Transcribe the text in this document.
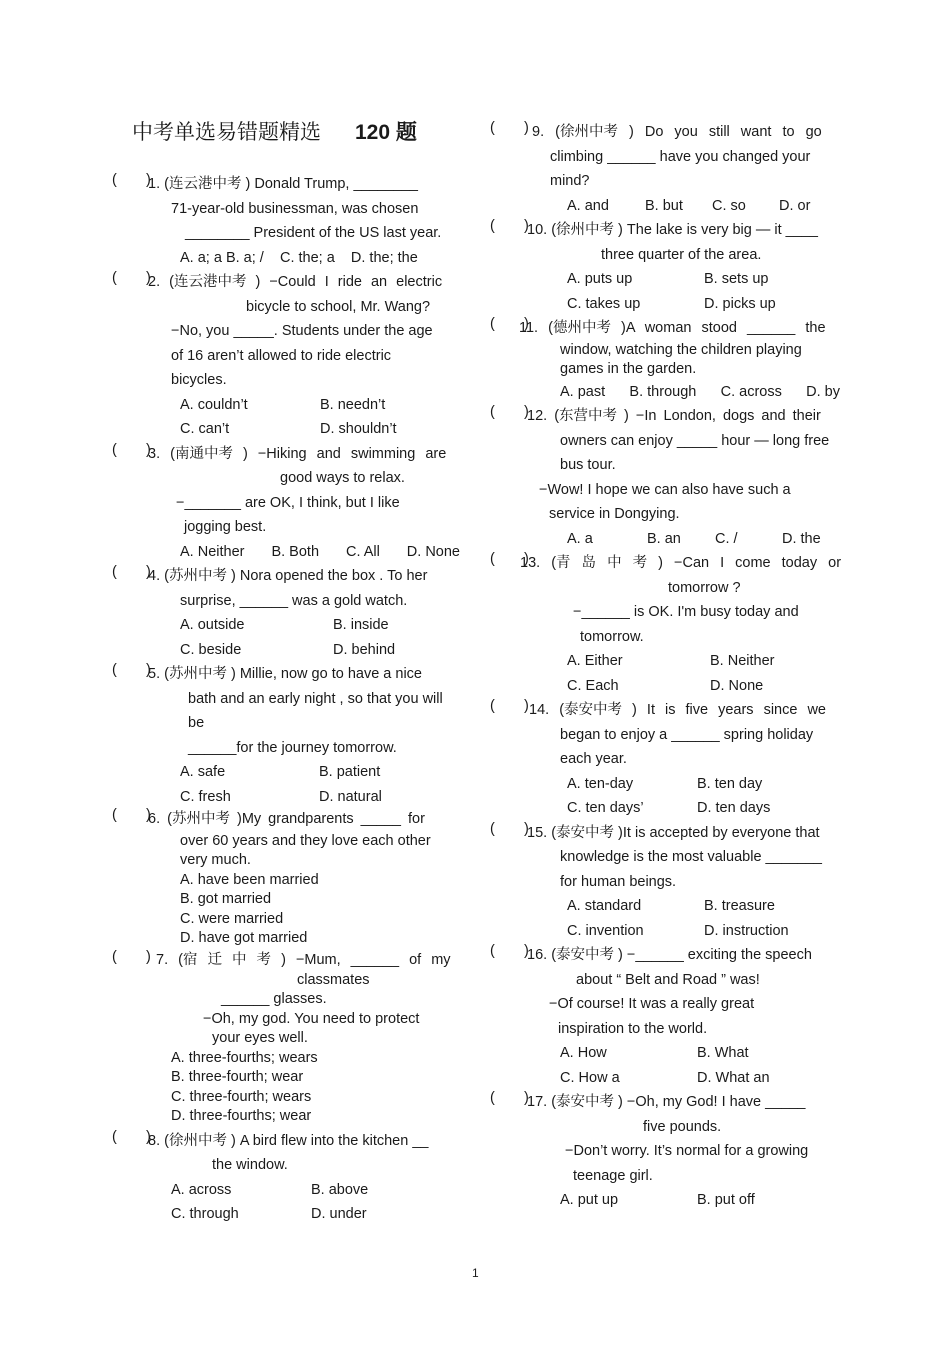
中考单选易错题精选 120 题
( ) 1. (连云港中考 ) Donald Trump, ________
71-year-old businessman, was chosen
________ President of the US last year.
A. a; a B. a; / C. the; a D. the; the
( ) 2. (连云港中考 ) −Could I ride an electric
bicycle to school, Mr. Wang?
−No, you _____. Students under the age
of 16 aren’t allowed to ride electric
bicycles.
A. couldn’t	B. needn’t
C. can’t	D. shouldn’t
( ) 3. (南通中考 ) −Hiking and swimming are
good ways to relax.
−_______ are OK, I think, but I like
jogging best.
A. Neither B. Both C. All D. None
( ) 4. (苏州中考 ) Nora opened the box . To her
surprise, ______ was a gold watch.
A. outside	B. inside
C. beside	D. behind
( ) 5. (苏州中考 ) Millie, now go to have a nice
bath and an early night , so that you will
be
______for the journey tomorrow.
A. safe	B. patient
C. fresh	D. natural
( ) 6. (苏州中考 )My grandparents _____ for
over 60 years and they love each other
very much.
A. have been married
B. got married
C. were married
D. have got married
( )	7. (宿 迁 中 考 ) −Mum, ______ of my
classmates
______ glasses.
−Oh, my god. You need to protect
your eyes well.
A. three-fourths; wears
B. three-fourth; wear
C. three-fourth; wears
D. three-fourths; wear
( ) 8. (徐州中考 ) A bird flew into the kitchen __
the window.
A. across	B. above
C. through	D. under
( )	9. (徐州中考 ) Do you still want to go
climbing ______ have you changed your
mind?
A. and	B. but	C. so	D. or
( ) 10. (徐州中考 ) The lake is very big — it ____
three quarter of the area.
A. puts up	B. sets up
C. takes up	D. picks up
( ) 11. (德州中考 )A woman stood ______ the
window, watching the children playing
games in the garden.
A. past B. through C. across D. by
( ) 12. (东营中考 ) −In London, dogs and their
owners can enjoy _____ hour — long free
bus tour.
−Wow! I hope we can also have such a
service in Dongying.
A. a	B. an	C. /	D. the
( ) 13. (青 岛 中 考 ) −Can I come today or
tomorrow ?
−______ is OK. I'm busy today and
tomorrow.
A. Either	B. Neither
C. Each	D. None
( ) 14. (泰安中考 ) It is five years since we
began to enjoy a ______ spring holiday
each year.
A. ten-day	B. ten day
C. ten days’	D. ten days
( ) 15. (泰安中考 )It is accepted by everyone that
knowledge is the most valuable _______
for human beings.
A. standard	B. treasure
C. invention	D. instruction
( ) 16. (泰安中考 ) −______ exciting the speech
about “ Belt and Road ” was!
−Of course! It was a really great
inspiration to the world.
A. How	B. What
C. How a	D. What an
( ) 17. (泰安中考 ) −Oh, my God! I have _____
five pounds.
−Don’t worry. It’s normal for a growing
teenage girl.
A. put up	B. put off
1
